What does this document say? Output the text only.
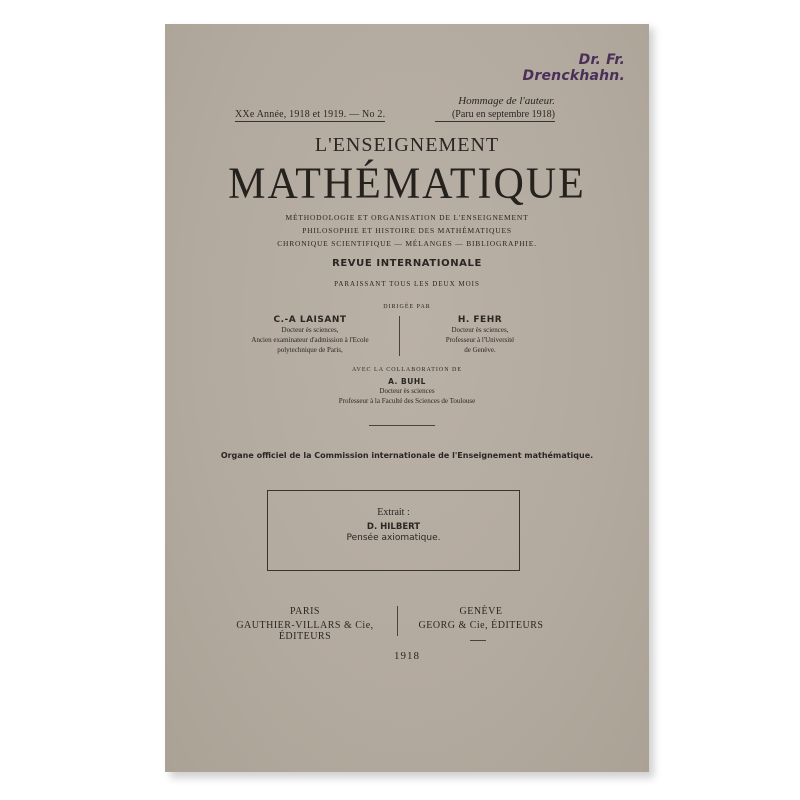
Dr. Fr. Drenckhahn.
XXe Année, 1918 et 1919. — No 2.
Hommage de l'auteur.
(Paru en septembre 1918)
L'ENSEIGNEMENT
MATHÉMATIQUE
MÉTHODOLOGIE ET ORGANISATION DE L'ENSEIGNEMENT
PHILOSOPHIE ET HISTOIRE DES MATHÉMATIQUES
CHRONIQUE SCIENTIFIQUE — MÉLANGES — BIBLIOGRAPHIE.
REVUE INTERNATIONALE
PARAISSANT TOUS LES DEUX MOIS
DIRIGÉE PAR
C.-A LAISANT
Docteur ès sciences,
Ancien examinateur d'admission à l'Ecole
polytechnique de Paris,
H. FEHR
Docteur ès sciences,
Professeur à l'Université
de Genève.
AVEC LA COLLABORATION DE
A. BUHL
Docteur ès sciences
Professeur à la Faculté des Sciences de Toulouse
Organe officiel de la Commission internationale de l'Enseignement mathématique.
Extrait :
D. HILBERT
Pensée axiomatique.
PARIS
GAUTHIER-VILLARS & Cie, ÉDITEURS
GENÈVE
GEORG & Cie, ÉDITEURS
1918
